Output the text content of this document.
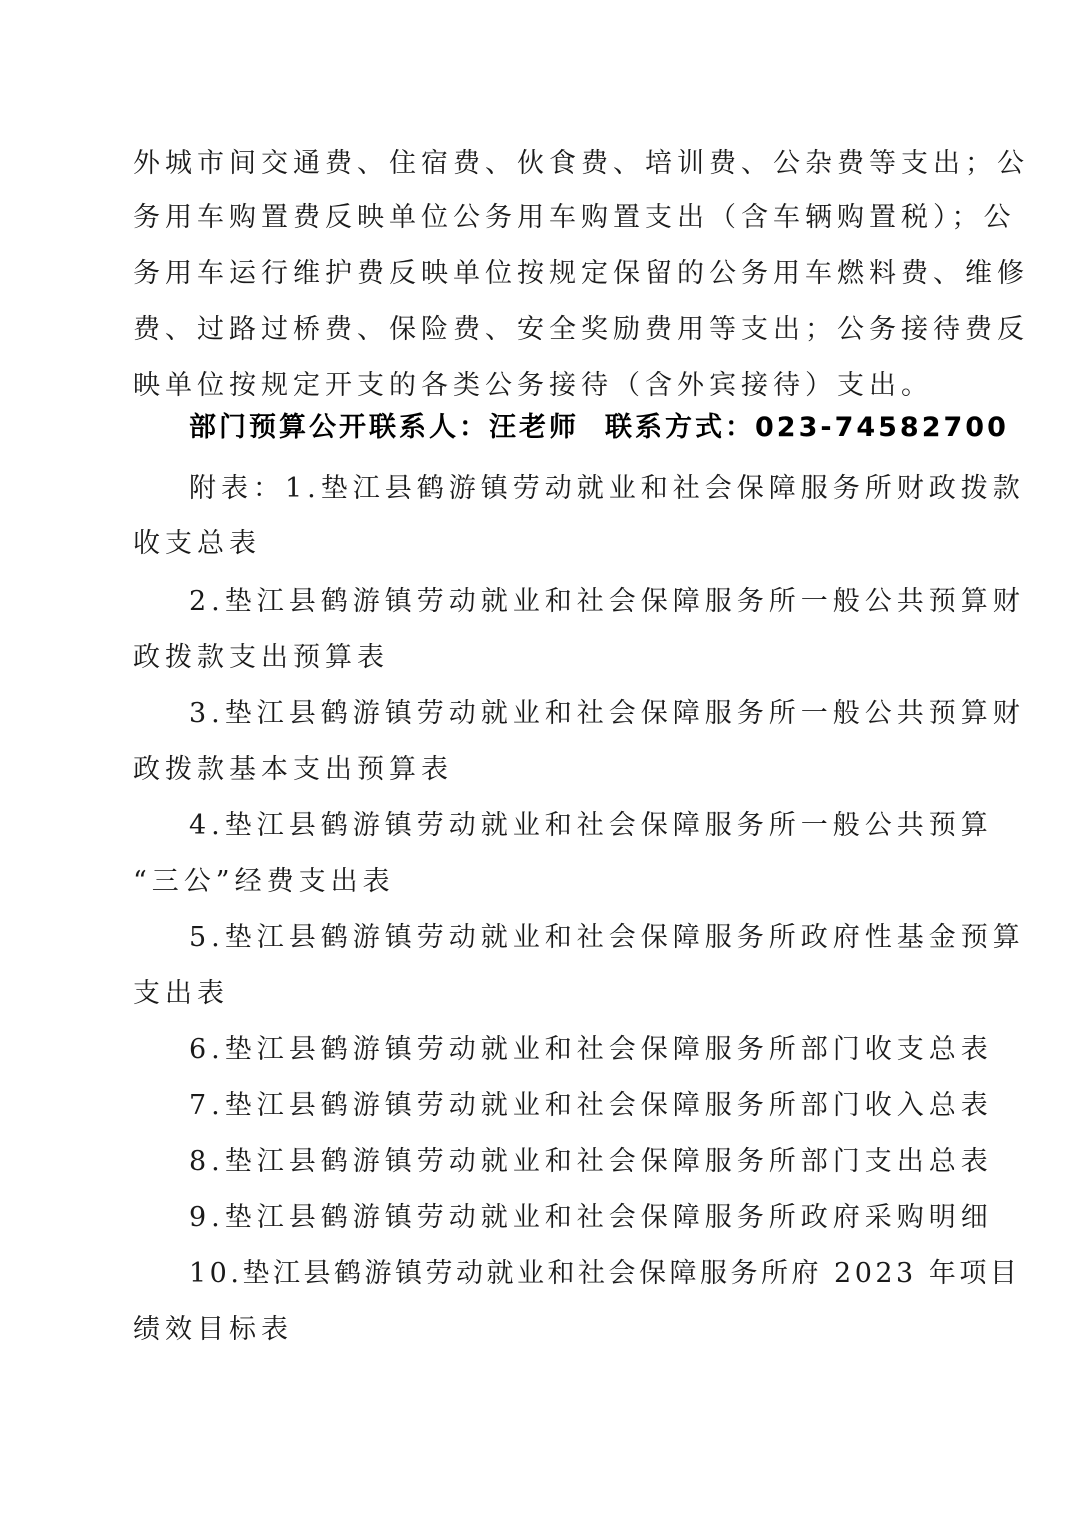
外城市间交通费、住宿费、伙食费、培训费、公杂费等支出；公
务用车购置费反映单位公务用车购置支出（含车辆购置税）；公
务用车运行维护费反映单位按规定保留的公务用车燃料费、维修
费、过路过桥费、保险费、安全奖励费用等支出；公务接待费反
映单位按规定开支的各类公务接待（含外宾接待）支出。
部门预算公开联系人：汪老师 联系方式：023-74582700
附表：1.垫江县鹤游镇劳动就业和社会保障服务所财政拨款
收支总表
2.垫江县鹤游镇劳动就业和社会保障服务所一般公共预算财
政拨款支出预算表
3.垫江县鹤游镇劳动就业和社会保障服务所一般公共预算财
政拨款基本支出预算表
4.垫江县鹤游镇劳动就业和社会保障服务所一般公共预算
“三公”经费支出表
5.垫江县鹤游镇劳动就业和社会保障服务所政府性基金预算
支出表
6.垫江县鹤游镇劳动就业和社会保障服务所部门收支总表
7.垫江县鹤游镇劳动就业和社会保障服务所部门收入总表
8.垫江县鹤游镇劳动就业和社会保障服务所部门支出总表
9.垫江县鹤游镇劳动就业和社会保障服务所政府采购明细
10.垫江县鹤游镇劳动就业和社会保障服务所府 2023 年项目
绩效目标表
